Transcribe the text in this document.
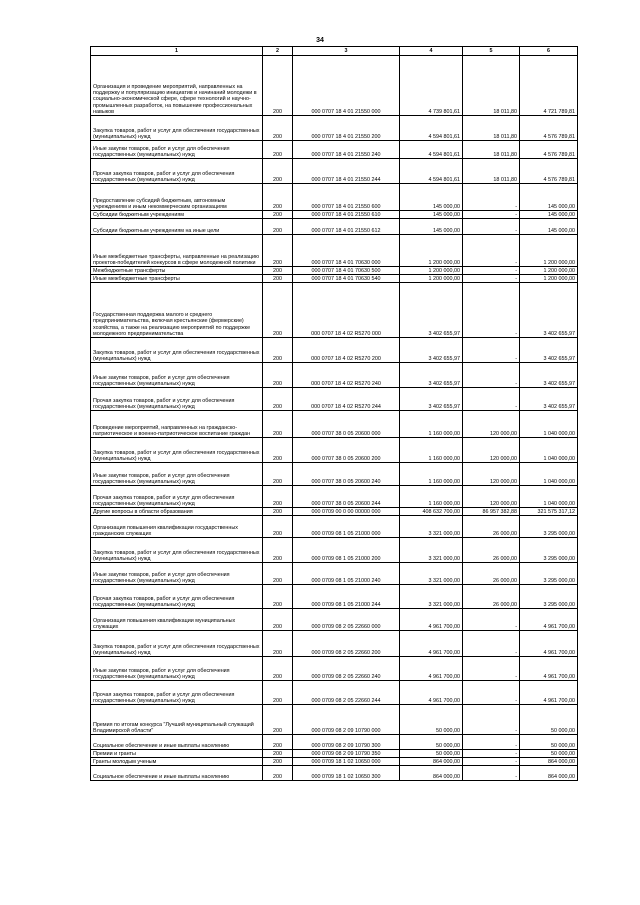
34
1	2	3	4	5	6
Организация и проведение мероприятий, направленных на поддержку и популяризацию инициатив и начинаний молодежи в социально-экономической сфере, сфере технологий и научно-промышленных разработок, на повышение профессиональных навыков	200	000 0707 18 4 01 21550 000	4 739 801,61	18 011,80	4 721 789,81
Закупка товаров, работ и услуг для обеспечения государственных (муниципальных) нужд	200	000 0707 18 4 01 21550 200	4 594 801,61	18 011,80	4 576 789,81
Иные закупки товаров, работ и услуг для обеспечения государственных (муниципальных) нужд	200	000 0707 18 4 01 21550 240	4 594 801,61	18 011,80	4 576 789,81
Прочая закупка товаров, работ и услуг для обеспечения государственных (муниципальных) нужд	200	000 0707 18 4 01 21550 244	4 594 801,61	18 011,80	4 576 789,81
Предоставление субсидий бюджетным, автономным учреждениям и иным некоммерческим организациям	200	000 0707 18 4 01 21550 600	145 000,00	-	145 000,00
Субсидии бюджетным учреждениям	200	000 0707 18 4 01 21550 610	145 000,00	-	145 000,00
Субсидии бюджетным учреждениям на иные цели	200	000 0707 18 4 01 21550 612	145 000,00	-	145 000,00
Иные межбюджетные трансферты, направленные на реализацию проектов-победителей конкурсов в сфере молодежной политики	200	000 0707 18 4 01 70630 000	1 200 000,00	-	1 200 000,00
Межбюджетные трансферты	200	000 0707 18 4 01 70630 500	1 200 000,00	-	1 200 000,00
Иные межбюджетные трансферты	200	000 0707 18 4 01 70630 540	1 200 000,00	-	1 200 000,00
Государственная поддержка малого и среднего предпринимательства, включая крестьянские (фермерские) хозяйства, а также на реализацию мероприятий по поддержке молодежного предпринимательства	200	000 0707 18 4 02 R5270 000	3 402 655,97	-	3 402 655,97
Закупка товаров, работ и услуг для обеспечения государственных (муниципальных) нужд	200	000 0707 18 4 02 R5270 200	3 402 655,97	-	3 402 655,97
Иные закупки товаров, работ и услуг для обеспечения государственных (муниципальных) нужд	200	000 0707 18 4 02 R5270 240	3 402 655,97	-	3 402 655,97
Прочая закупка товаров, работ и услуг для обеспечения государственных (муниципальных) нужд	200	000 0707 18 4 02 R5270 244	3 402 655,97	-	3 402 655,97
Проведение мероприятий, направленных на гражданско-патриотическое и военно-патриотическое воспитание граждан	200	000 0707 38 0 05 20600 000	1 160 000,00	120 000,00	1 040 000,00
Закупка товаров, работ и услуг для обеспечения государственных (муниципальных) нужд	200	000 0707 38 0 05 20600 200	1 160 000,00	120 000,00	1 040 000,00
Иные закупки товаров, работ и услуг для обеспечения государственных (муниципальных) нужд	200	000 0707 38 0 05 20600 240	1 160 000,00	120 000,00	1 040 000,00
Прочая закупка товаров, работ и услуг для обеспечения государственных (муниципальных) нужд	200	000 0707 38 0 05 20600 244	1 160 000,00	120 000,00	1 040 000,00
Другие вопросы в области образования	200	000 0709 00 0 00 00000 000	408 632 700,00	86 957 382,88	321 575 317,12
Организация повышения квалификации государственных гражданских служащих	200	000 0709 08 1 05 21000 000	3 321 000,00	26 000,00	3 295 000,00
Закупка товаров, работ и услуг для обеспечения государственных (муниципальных) нужд	200	000 0709 08 1 05 21000 200	3 321 000,00	26 000,00	3 295 000,00
Иные закупки товаров, работ и услуг для обеспечения государственных (муниципальных) нужд	200	000 0709 08 1 05 21000 240	3 321 000,00	26 000,00	3 295 000,00
Прочая закупка товаров, работ и услуг для обеспечения государственных (муниципальных) нужд	200	000 0709 08 1 05 21000 244	3 321 000,00	26 000,00	3 295 000,00
Организация повышения квалификации муниципальных служащих	200	000 0709 08 2 05 22660 000	4 961 700,00	-	4 961 700,00
Закупка товаров, работ и услуг для обеспечения государственных (муниципальных) нужд	200	000 0709 08 2 05 22660 200	4 961 700,00	-	4 961 700,00
Иные закупки товаров, работ и услуг для обеспечения государственных (муниципальных) нужд	200	000 0709 08 2 05 22660 240	4 961 700,00	-	4 961 700,00
Прочая закупка товаров, работ и услуг для обеспечения государственных (муниципальных) нужд	200	000 0709 08 2 05 22660 244	4 961 700,00	-	4 961 700,00
Премия по итогам конкурса "Лучший муниципальный служащий Владимирской области"	200	000 0709 08 2 09 10790 000	50 000,00	-	50 000,00
Социальное обеспечение и иные выплаты населению	200	000 0709 08 2 09 10790 300	50 000,00	-	50 000,00
Премии и гранты	200	000 0709 08 2 09 10790 350	50 000,00	-	50 000,00
Гранты молодым ученым	200	000 0709 18 1 02 10650 000	864 000,00	-	864 000,00
Социальное обеспечение и иные выплаты населению	200	000 0709 18 1 02 10650 300	864 000,00	-	864 000,00
